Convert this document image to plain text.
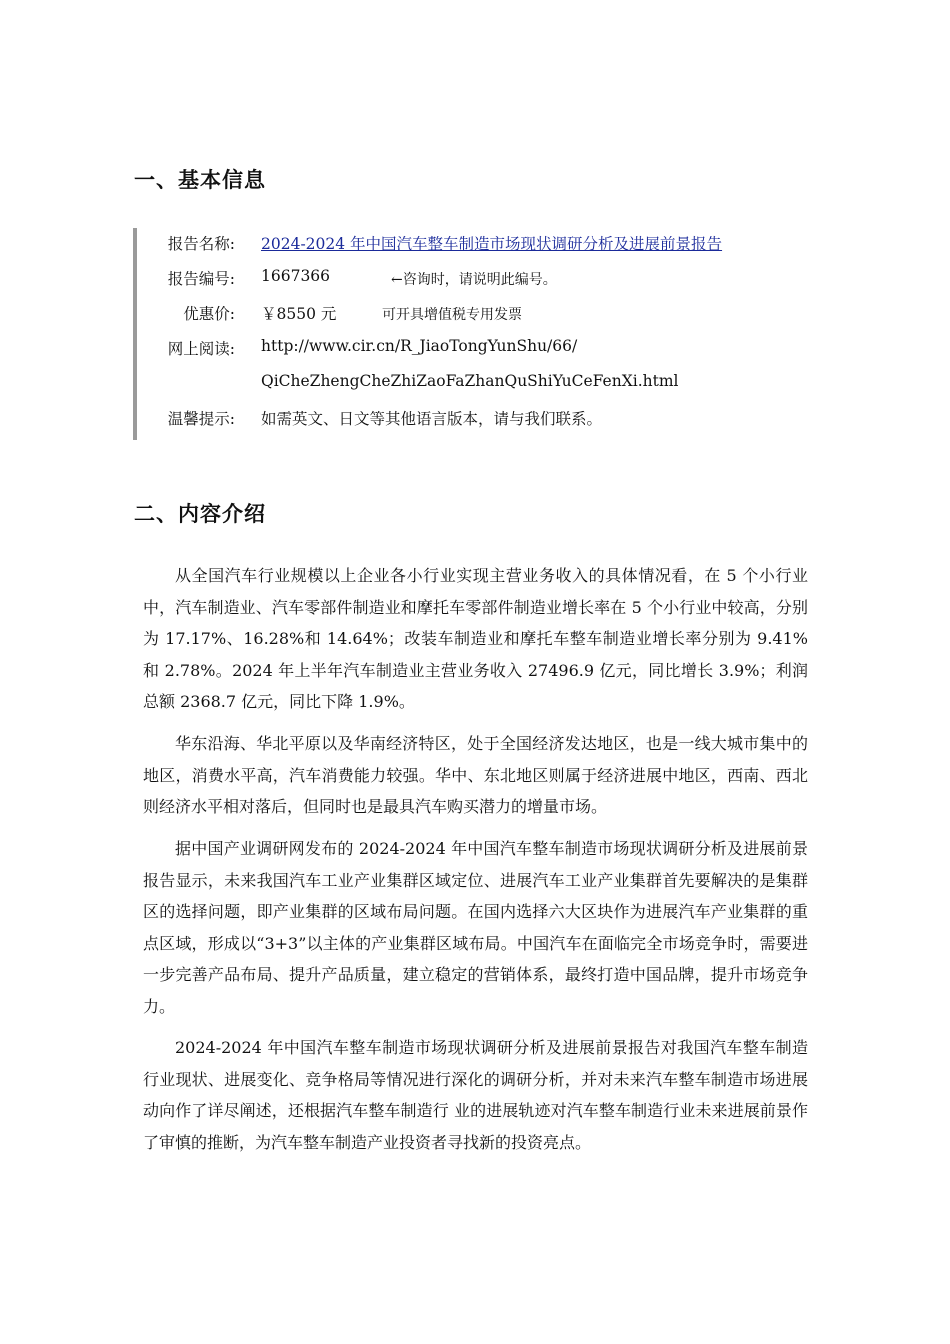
一、基本信息
报告名称: 2024-2024 年中国汽车整车制造市场现状调研分析及进展前景报告
报告编号: 1667366	←咨询时，请说明此编号。
优惠价: ￥8550 元	可开具增值税专用发票
网上阅读: http://www.cir.cn/R_JiaoTongYunShu/66/
QiCheZhengCheZhiZaoFaZhanQuShiYuCeFenXi.html
温馨提示: 如需英文、日文等其他语言版本，请与我们联系。
二、内容介绍

从全国汽车行业规模以上企业各小行业实现主营业务收入的具体情况看，在 5 个小行业中，汽车制造业、汽车零部件制造业和摩托车零部件制造业增长率在 5 个小行业中较高，分别为 17.17%、16.28%和 14.64%；改装车制造业和摩托车整车制造业增长率分别为 9.41%和 2.78%。2024 年上半年汽车制造业主营业务收入 27496.9 亿元，同比增长 3.9%；利润总额 2368.7 亿元，同比下降 1.9%。

华东沿海、华北平原以及华南经济特区，处于全国经济发达地区，也是一线大城市集中的地区，消费水平高，汽车消费能力较强。华中、东北地区则属于经济进展中地区，西南、西北则经济水平相对落后，但同时也是最具汽车购买潜力的增量市场。

据中国产业调研网发布的 2024-2024 年中国汽车整车制造市场现状调研分析及进展前景报告显示，未来我国汽车工业产业集群区域定位、进展汽车工业产业集群首先要解决的是集群区的选择问题，即产业集群的区域布局问题。在国内选择六大区块作为进展汽车产业集群的重点区域，形成以“3+3”以主体的产业集群区域布局。中国汽车在面临完全市场竞争时，需要进一步完善产品布局、提升产品质量，建立稳定的营销体系，最终打造中国品牌，提升市场竞争力。

2024-2024 年中国汽车整车制造市场现状调研分析及进展前景报告对我国汽车整车制造行业现状、进展变化、竞争格局等情况进行深化的调研分析，并对未来汽车整车制造市场进展动向作了详尽阐述，还根据汽车整车制造行 业的进展轨迹对汽车整车制造行业未来进展前景作了审慎的推断，为汽车整车制造产业投资者寻找新的投资亮点。
